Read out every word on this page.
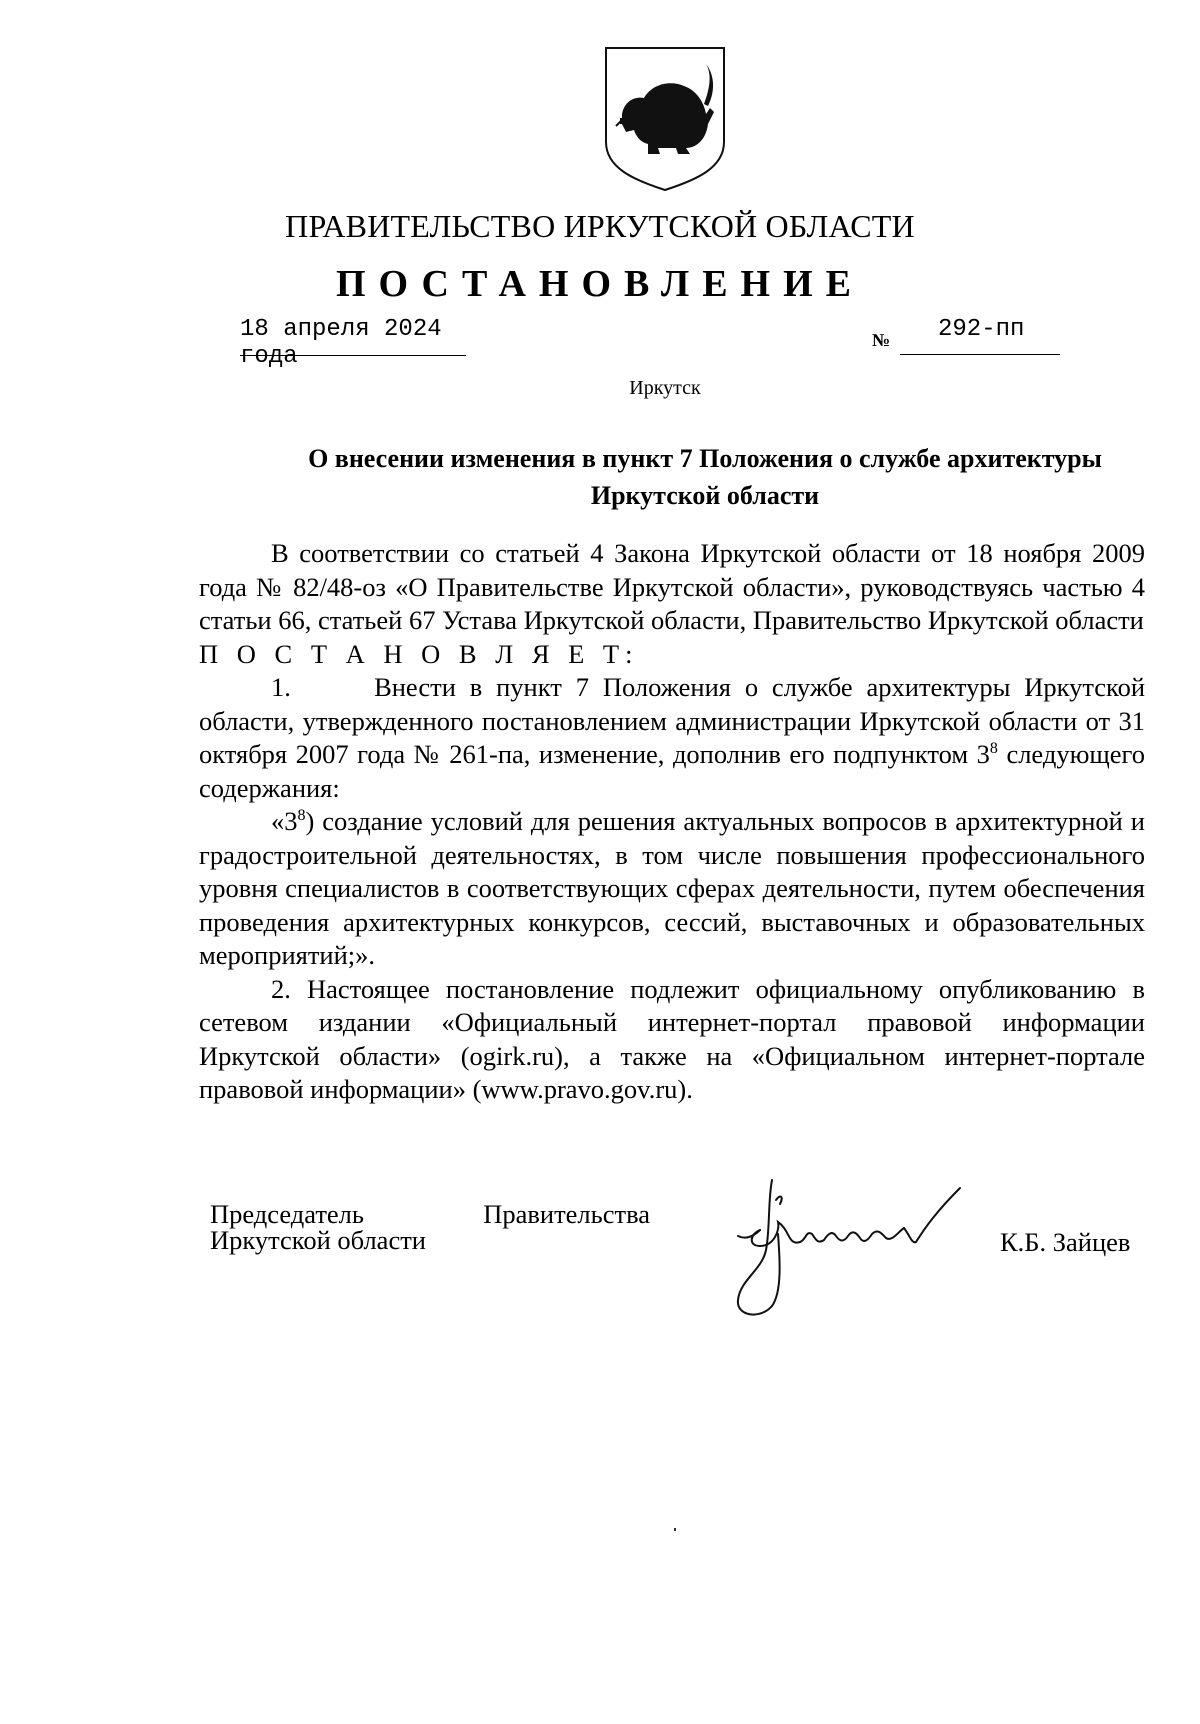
ПРАВИТЕЛЬСТВО ИРКУТСКОЙ ОБЛАСТИ
ПОСТАНОВЛЕНИЕ
18 апреля 2024 года
№ 292-пп
Иркутск
О внесении изменения в пункт 7 Положения о службе архитектуры
Иркутской области

В соответствии со статьей 4 Закона Иркутской области от 18 ноября 2009 года № 82/48-оз «О Правительстве Иркутской области», руководствуясь частью 4 статьи 66, статьей 67 Устава Иркутской области, Правительство Иркутской области

П О С Т А Н О В Л Я Е Т:

1.	Внести в пункт 7 Положения о службе архитектуры Иркутской области, утвержденного постановлением администрации Иркутской области от 31 октября 2007 года № 261-па, изменение, дополнив его подпунктом $3^8$ следующего содержания:

«$3^8$) создание условий для решения актуальных вопросов в архитектурной и градостроительной деятельностях, в том числе повышения профессионального уровня специалистов в соответствующих сферах деятельности, путем обеспечения проведения архитектурных конкурсов, сессий, выставочных и образовательных мероприятий;».

2. Настоящее постановление подлежит официальному опубликованию в сетевом издании «Официальный интернет-портал правовой информации Иркутской области» (ogirk.ru), а также на «Официальном интернет-портале правовой информации» (www.pravo.gov.ru).

Председатель	Правительства
Иркутской области	К.Б. Зайцев
